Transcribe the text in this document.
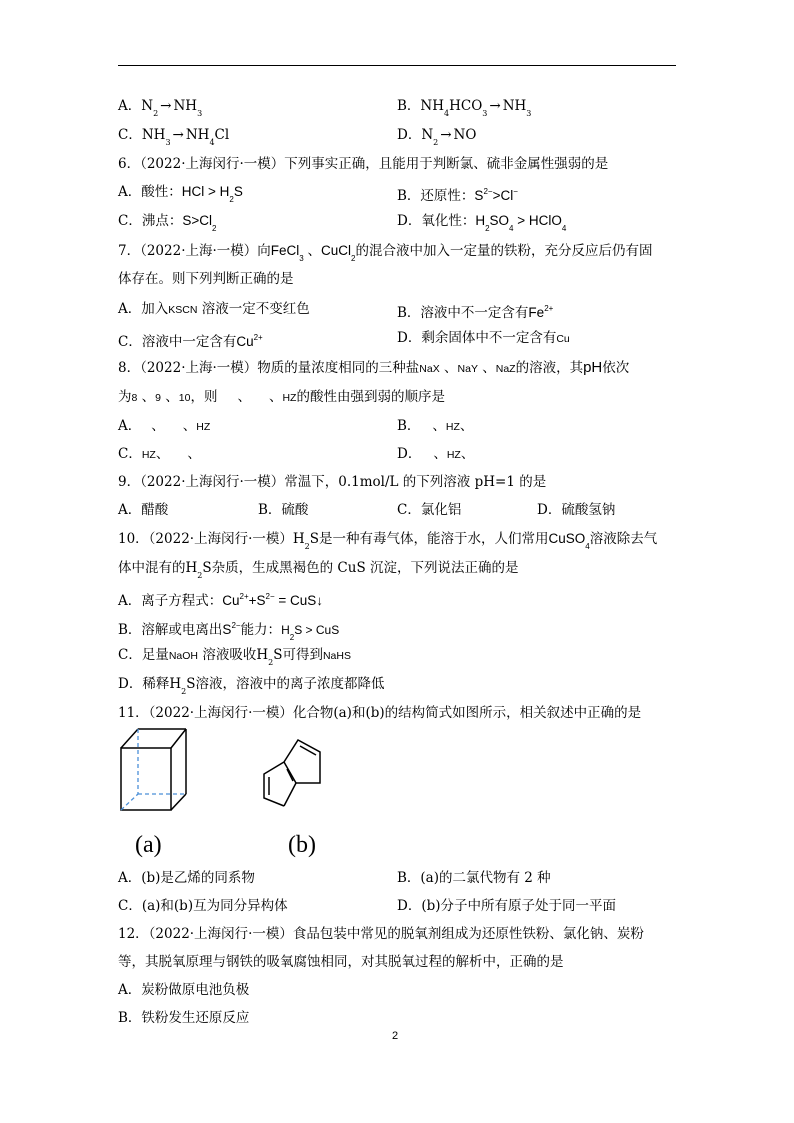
A．$N_2 \to NH_3$	B．$NH_4HCO_3 \to NH_3$
C．$NH_3 \to NH_4Cl$	D．$N_2$ → NO
6．（2022·上海闵行·一模）下列事实正确，且能用于判断氯、硫非金属性强弱的是
A．酸性：HCl > $H_2S$	B．还原性：$S^{2-}>Cl^-$
C．沸点：$S>Cl_2$	D．氧化性：$H_2SO_4$ > HClO$_4$
7．（2022·上海·一模）向FeCl$_3$ 、CuCl$_2$的混合液中加入一定量的铁粉，充分反应后仍有固
体存在。则下列判断正确的是
A．加入KSCN 溶液一定不变红色	B．溶液中不一定含有$Fe^{2+}$
C．溶液中一定含有$Cu^{2+}$	D．剩余固体中不一定含有Cu
8．（2022·上海·一模）物质的量浓度相同的三种盐NaX 、NaY 、NaZ的溶液，其pH依次
为8 、9 、10，则 、 、HZ的酸性由强到弱的顺序是
A． 、 、HZ	B． 、HZ、
C．HZ、 、	D． 、HZ、
9．（2022·上海闵行·一模）常温下，0.1mol/L 的下列溶液 pH=1 的是
A．醋酸	B．硫酸	C．氯化铝	D．硫酸氢钠
10．（2022·上海闵行·一模）$H_2S$是一种有毒气体，能溶于水，人们常用CuSO$_4$溶液除去气
体中混有的$H_2S$杂质，生成黑褐色的 CuS 沉淀，下列说法正确的是
A．离子方程式：$Cu^{2+}+S^{2-}$ = CuS↓
B．溶解或电离出$S^{2-}$能力：$H_2S$ > CuS
C．足量NaOH 溶液吸收$H_2S$可得到NaHS
D．稀释$H_2S$溶液，溶液中的离子浓度都降低
11．（2022·上海闵行·一模）化合物(a)和(b)的结构简式如图所示，相关叙述中正确的是
(a)	(b)
A．(b)是乙烯的同系物	B．(a)的二氯代物有 2 种
C．(a)和(b)互为同分异构体	D．(b)分子中所有原子处于同一平面
12．（2022·上海闵行·一模）食品包装中常见的脱氧剂组成为还原性铁粉、氯化钠、炭粉
等，其脱氧原理与钢铁的吸氧腐蚀相同，对其脱氧过程的解析中，正确的是
A．炭粉做原电池负极
B．铁粉发生还原反应
2
